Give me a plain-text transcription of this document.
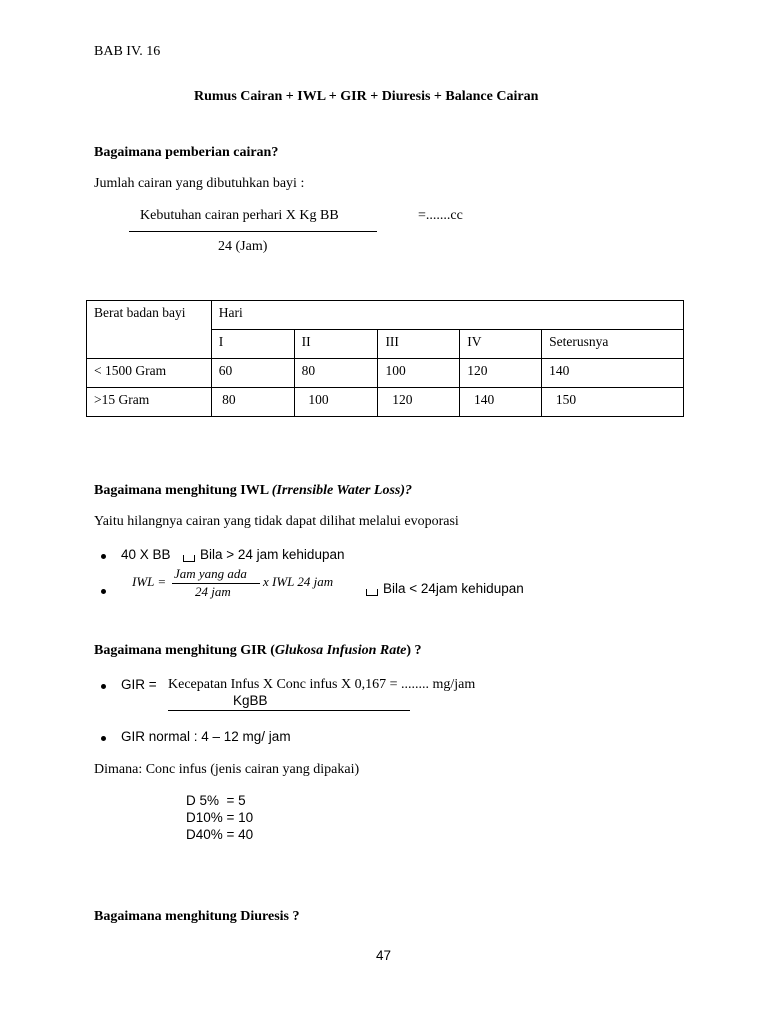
BAB IV. 16
Rumus Cairan + IWL + GIR + Diuresis + Balance Cairan
Bagaimana pemberian cairan?
Jumlah cairan yang dibutuhkan bayi :
Kebutuhan cairan perhari X Kg BB	=.......cc
24 (Jam)
Berat badan bayi	Hari				
	I	II	III	IV	Seterusnya
< 1500 Gram	60	80	100	120	140
>15 Gram	80	100	120	140	150
Bagaimana menghitung IWL (Irrensible Water Loss)?
Yaitu hilangnya cairan yang tidak dapat dilihat melalui evoporasi
40 X BB Bila > 24 jam kehidupan
IWL =
Jam yang ada
24 jam
x IWL 24 jam	Bila < 24jam kehidupan
Bagaimana menghitung GIR (Glukosa Infusion Rate) ?
GIR = Kecepatan Infus X Conc infus X 0,167 = ........ mg/jam
KgBB
GIR normal : 4 – 12 mg/ jam
Dimana: Conc infus (jenis cairan yang dipakai)
D 5%  = 5
D10% = 10
D40% = 40
Bagaimana menghitung Diuresis ?
47
